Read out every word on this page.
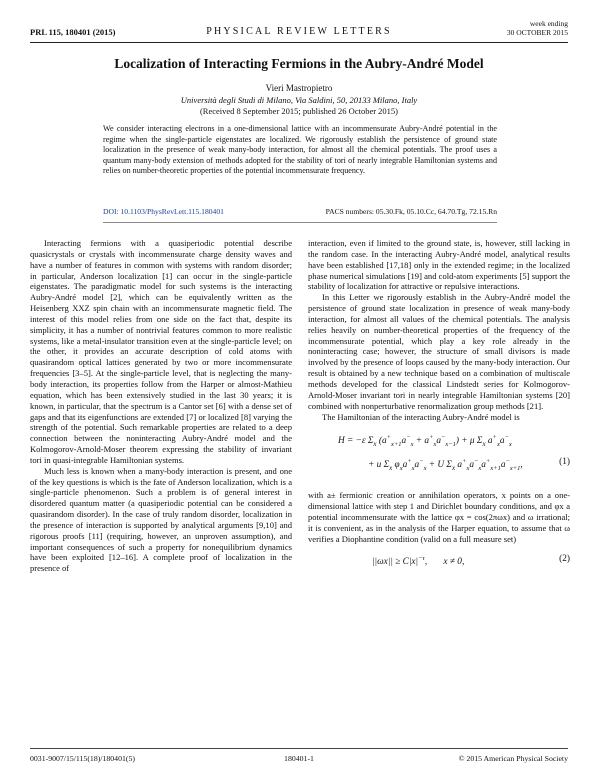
PRL 115, 180401 (2015)	PHYSICAL REVIEW LETTERS
week ending
30 OCTOBER 2015
Localization of Interacting Fermions in the Aubry-André Model
Vieri Mastropietro
Università degli Studi di Milano, Via Saldini, 50, 20133 Milano, Italy
(Received 8 September 2015; published 26 October 2015)
We consider interacting electrons in a one-dimensional lattice with an incommensurate Aubry-André potential in the regime when the single-particle eigenstates are localized. We rigorously establish the persistence of ground state localization in the presence of weak many-body interaction, for almost all the chemical potentials. The proof uses a quantum many-body extension of methods adopted for the stability of tori of nearly integrable Hamiltonian systems and relies on number-theoretic properties of the potential incommensurate frequency.
DOI: 10.1103/PhysRevLett.115.180401	PACS numbers: 05.30.Fk, 05.10.Cc, 64.70.Tg, 72.15.Rn

Interacting fermions with a quasiperiodic potential describe quasicrystals or crystals with incommensurate charge density waves and have a number of features in common with systems with random disorder; in particular, Anderson localization [1] can occur in the single-particle eigenstates. The paradigmatic model for such systems is the interacting Aubry-André model [2], which can be equivalently written as the Heisenberg XXZ spin chain with an incommensurate magnetic field. The interest of this model relies from one side on the fact that, despite its simplicity, it has a number of nontrivial features common to more realistic systems, like a metal-insulator transition even at the single-particle level; on the other, it provides an accurate description of cold atoms with quasirandom optical lattices generated by two or more incommensurate frequencies [3–5]. At the single-particle level, that is neglecting the many-body interaction, its properties follow from the Harper or almost-Mathieu equation, which has been extensively studied in the last 30 years; it is known, in particular, that the spectrum is a Cantor set [6] with a dense set of gaps and that its eigenfunctions are extended [7] or localized [8] varying the strength of the potential. Such remarkable properties are related to a deep connection between the noninteracting Aubry-André model and the Kolmogorov-Arnold-Moser theorem expressing the stability of invariant tori in quasi-integrable Hamiltonian systems.

Much less is known when a many-body interaction is present, and one of the key questions is which is the fate of Anderson localization, which is a single-particle phenomenon. Such a problem is of general interest in disordered quantum matter (a quasiperiodic potential can be considered a quasirandom disorder). In the case of truly random disorder, localization in the presence of interaction is supported by analytical arguments [9,10] and rigorous proofs [11] (requiring, however, an unproven assumption), and important consequences of such a property for nonequilibrium dynamics have been exploited [12–16]. A complete proof of localization in the presence of

interaction, even if limited to the ground state, is, however, still lacking in the random case. In the interacting Aubry-André model, analytical results have been established [17,18] only in the extended regime; in the localized phase numerical simulations [19] and cold-atom experiments [5] support the stability of localization for attractive or repulsive interactions.

In this Letter we rigorously establish in the Aubry-André model the persistence of ground state localization in presence of weak many-body interaction, for almost all values of the chemical potentials. The analysis relies heavily on number-theoretical properties of the frequency of the incommensurate potential, which play a key role already in the noninteracting case; however, the structure of small divisors is made involved by the presence of loops caused by the many-body interaction. Our result is obtained by a new technique based on a combination of multiscale methods developed for the classical Lindstedt series for Kolmogorov-Arnold-Moser invariant tori in nearly integrable Hamiltonian systems [20] combined with nonperturbative renormalization group methods [21].

The Hamiltonian of the interacting Aubry-André model is

H = −ε $\Sigma_x$ $(a^+_{x+1}a^-_x + a^+_xa^-_{x-1}) + \mu$ $\Sigma_x$ $a^+_xa^-_x$
+ u $\Sigma_x$ $\varphi_xa^+_xa^-_x + U$ $\Sigma_x$ $a^+_xa^-_xa^+_{x+1}a^-_{x+1}$,	(1)

with a± fermionic creation or annihilation operators, x points on a one-dimensional lattice with step 1 and Dirichlet boundary conditions, and φx a potential incommensurate with the lattice φx = cos(2πωx) and ω irrational; it is convenient, as in the analysis of the Harper equation, to assume that ω verifies a Diophantine condition (valid on a full measure set)

$||\omega x|| \ge C|x|^{-\tau}$,       x ≠ 0,	(2)
0031-9007/15/115(18)/180401(5)	180401-1	© 2015 American Physical Society
